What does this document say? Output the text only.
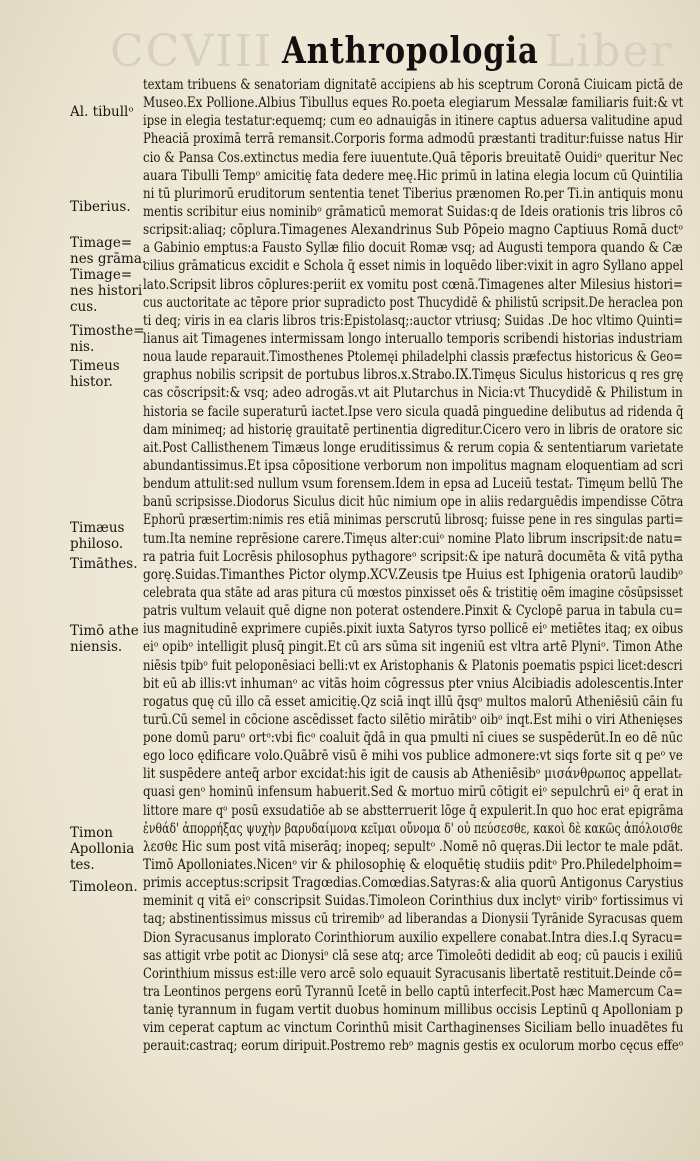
CCVIII	Liber
Anthropologia
Al. tibullᵒ
Tiberius.
Timage=
nes grāma.
Timage=
nes histori
cus.
Timosthe=
nis.
Timeus
histor.
Timæus
philoso.
Timāthes.
Timō athe
niensis.
Timon
Apollonia
tes.
Timoleon.
textam tribuens & senatoriam dignitatē accipiens ab his sceptrum Coronā Ciuicam pictā de
Museo.Ex Pollione.Albius Tibullus eques Ro.poeta elegiarum Messalæ familiaris fuit:& vt
ipse in elegia testatur:equemq; cum eo adnauigās in itinere captus aduersa valitudine apud
Pheaciā proximā terrā remansit.Corporis forma admodū præstanti traditur:fuisse natus Hir
cio & Pansa Cos.extinctus media fere iuuentute.Quā tēporis breuitatē Ouidiᵒ queritur Nec
auara Tibulli Tempᵒ amicitię fata dedere meę.Hic primū in latina elegia locum cū Quintilia
ni tū plurimorū eruditorum sententia tenet Tiberius prænomen Ro.per Ti.in antiquis monu
mentis scribitur eius nominibᵒ grāmaticū memorat Suidas:q de Ideis orationis tris libros cō
scripsit:aliaq; cōplura.Timagenes Alexandrinus Sub Pōpeio magno Captiuus Romā ductᵒ
a Gabinio emptus:a Fausto Syllæ filio docuit Romæ vsq; ad Augusti tempora quando & Cæ
cilius grāmaticus excidit e Schola q̄ esset nimis in loquēdo liber:vixit in agro Syllano appel
lato.Scripsit libros cōplures:periit ex vomitu post cœnā.Timagenes alter Milesius histori=
cus auctoritate ac tēpore prior supradicto post Thucydidē & philistū scripsit.De heraclea pon
ti deq; viris in ea claris libros tris:Epistolasq;:auctor vtriusq; Suidas .De hoc vltimo Quinti=
lianus ait Timagenes intermissam longo interuallo temporis scribendi historias industriam
noua laude reparauit.Timosthenes Ptolemęi philadelphi classis præfectus historicus & Geo=
graphus nobilis scripsit de portubus libros.x.Strabo.IX.Timęus Siculus historicus q res grę
cas cōscripsit:& vsq; adeo adrogās.vt ait Plutarchus in Nicia:vt Thucydidē & Philistum in
historia se facile superaturū iactet.Ipse vero sicula quadā pinguedine delibutus ad ridenda q̄
dam minimeq; ad historię grauitatē pertinentia digreditur.Cicero vero in libris de oratore sic
ait.Post Callisthenem Timæus longe eruditissimus & rerum copia & sententiarum varietate
abundantissimus.Et ipsa cōpositione verborum non impolitus magnam eloquentiam ad scri
bendum attulit:sed nullum vsum forensem.Idem in epsa ad Luceiū testatᵣ Timęum bellū The
banū scripsisse.Diodorus Siculus dicit hūc nimium ope in aliis redarguēdis impendisse Cōtra
Ephorū præsertim:nimis res etiā minimas perscrutū librosq; fuisse pene in res singulas parti=
tum.Ita nemine reprēsione carere.Timęus alter:cuiᵒ nomine Plato librum inscripsit:de natu=
ra patria fuit Locrēsis philosophus pythagoreᵒ scripsit:& ipe naturā documēta & vitā pytha
gorę.Suidas.Timanthes Pictor olymp.XCV.Zeusis tpe Huius est Iphigenia oratorū laudibᵒ
celebrata qua stāte ad aras pitura cū mœstos pinxisset oēs & tristitię oēm imagine cōsūpsisset
patris vultum velauit quē digne non poterat ostendere.Pinxit & Cyclopē parua in tabula cu=
ius magnitudinē exprimere cupiēs.pixit iuxta Satyros tyrso pollicē eiᵒ metiētes itaq; ex oibus
eiᵒ opibᵒ intelligit plusq̄ pingit.Et cū ars sūma sit ingeniū est vltra artē Plyniᵒ. Timon Athe
niēsis tpibᵒ fuit peloponēsiaci belli:vt ex Aristophanis & Platonis poematis pspici licet:descri
bit eū ab illis:vt inhumanᵒ ac vitās hoim cōgressus pter vnius Alcibiadis adolescentis.Inter
rogatus quę cū illo cā esset amicitię.Qz sciā inqt illū q̄sqᵒ multos malorū Atheniēsiū cāin fu
turū.Cū semel in cōcione ascēdisset facto silētio mirātibᵒ oibᵒ inqt.Est mihi o viri Athenięses
pone domū paruᵒ ortᵒ:vbi ficᵒ coaluit q̄dā in qua pmulti nī ciues se suspēderūt.In eo dē nūc
ego loco ędificare volo.Quābrē visū ē mihi vos publice admonere:vt siqs forte sit q peᵒ ve
lit suspēdere anteq̄ arbor excidat:his igit de causis ab Atheniēsibᵒ μισάνθρωπος appellatᵣ
quasi genᵒ hominū infensum habuerit.Sed & mortuo mirū cōtigit eiᵒ sepulchrū eiᵒ q̄ erat in
littore mare qᵒ posū exsudatiōe ab se abstterruerit lōge q̄ expulerit.In quo hoc erat epigrāma
ἐνθάδ' ἀπορρήξας ψυχὴν βαρυδαίμονα κεῖμαι οὔνομα δ' οὐ πεύσεσθε, κακοὶ δὲ κακῶς ἀπόλοισθε
λεσθε Hic sum post vitā miserāq; inopeq; sepultᵒ .Nomē nō quęras.Dii lector te male pdāt.
Timō Apolloniates.Nicenᵒ vir & philosophię & eloquētię studiis pditᵒ Pro.Philedelphoim=
primis acceptus:scripsit Tragœdias.Comœdias.Satyras:& alia quorū Antigonus Carystius
meminit q vitā eiᵒ conscripsit Suidas.Timoleon Corinthius dux inclytᵒ viribᵒ fortissimus vi
taq; abstinentissimus missus cū triremibᵒ ad liberandas a Dionysii Tyrānide Syracusas quem
Dion Syracusanus implorato Corinthiorum auxilio expellere conabat.Intra dies.I.q Syracu=
sas attigit vrbe potit ac Dionysiᵒ clā sese atq; arce Timoleōti dedidit ab eoq; cū paucis i exiliū
Corinthium missus est:ille vero arcē solo equauit Syracusanis libertatē restituit.Deinde cō=
tra Leontinos pergens eorū Tyrannū Icetē in bello captū interfecit.Post hæc Mamercum Ca=
tanię tyrannum in fugam vertit duobus hominum millibus occisis Leptinū q Apolloniam p
vim ceperat captum ac vinctum Corinthū misit Carthaginenses Siciliam bello inuadētes fu
perauit:castraq; eorum diripuit.Postremo rebᵒ magnis gestis ex oculorum morbo cęcus effeᵒ
